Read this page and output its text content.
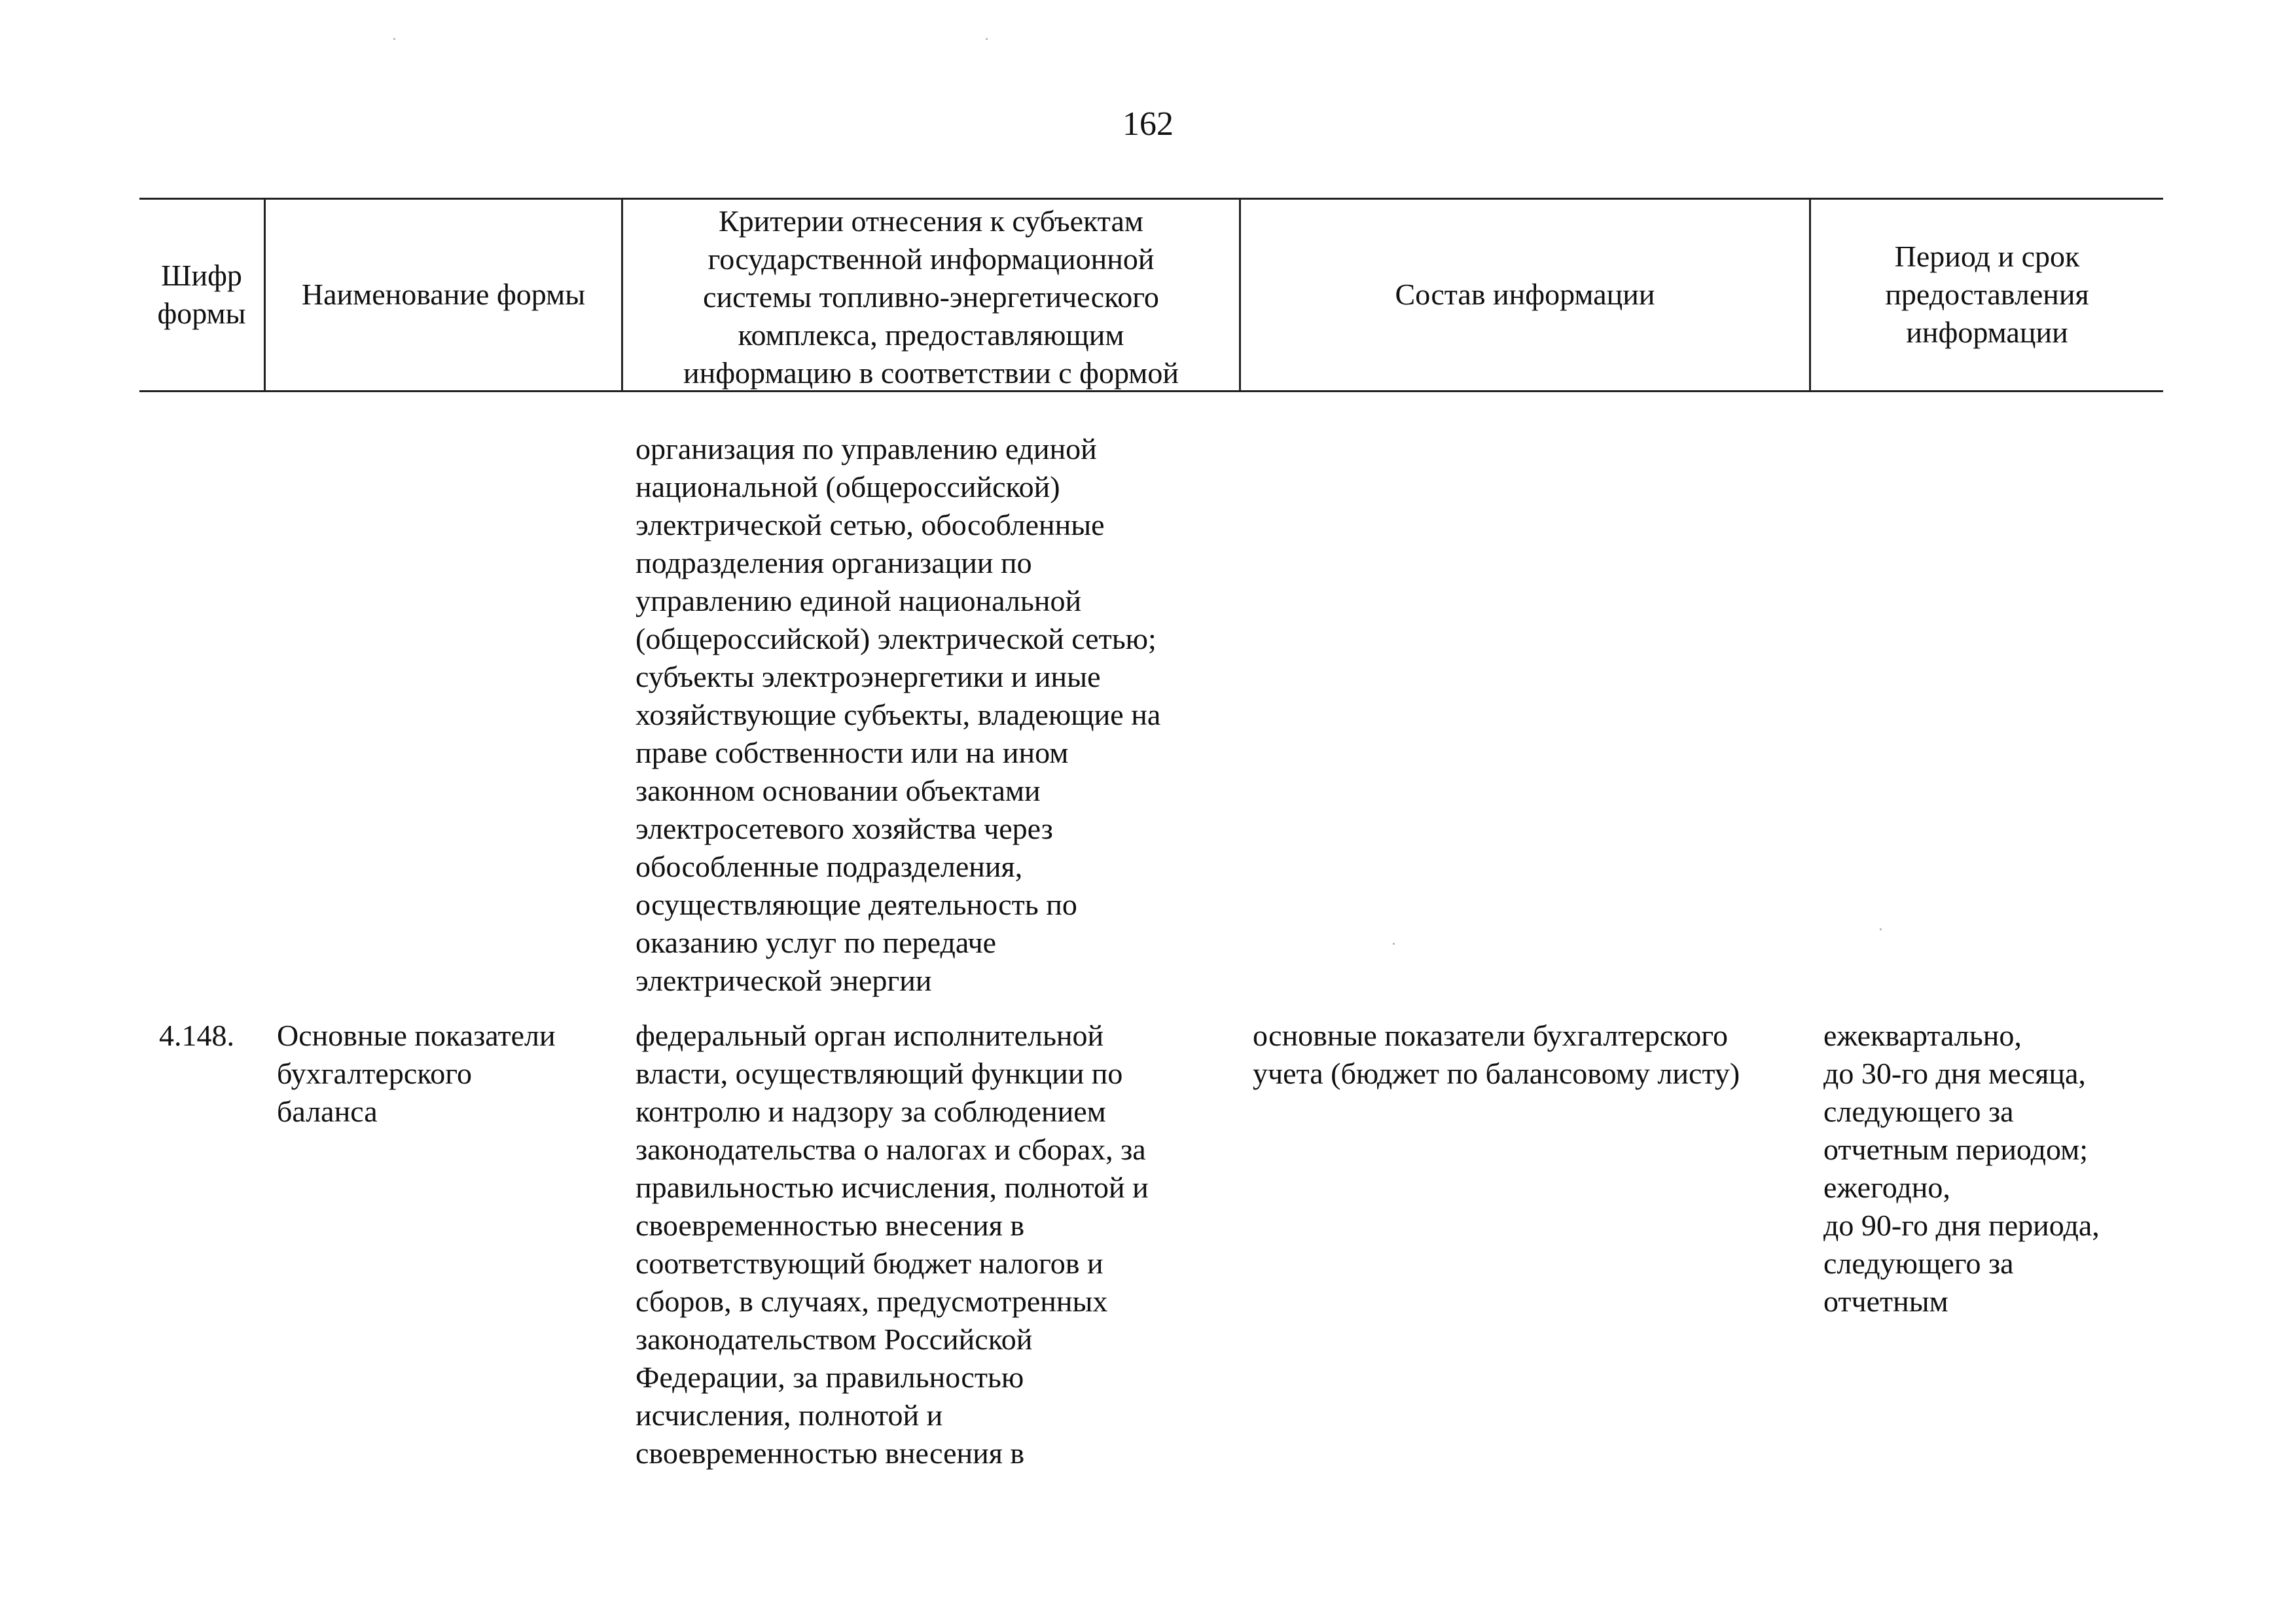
162
Шифр
формы
Наименование формы
Критерии отнесения к субъектам
государственной информационной
системы топливно-энергетического
комплекса, предоставляющим
информацию в соответствии с формой
Состав информации
Период и срок
предоставления
информации
организация по управлению единой
национальной (общероссийской)
электрической сетью, обособленные
подразделения организации по
управлению единой национальной
(общероссийской) электрической сетью;
субъекты электроэнергетики и иные
хозяйствующие субъекты, владеющие на
праве собственности или на ином
законном основании объектами
электросетевого хозяйства через
обособленные подразделения,
осуществляющие деятельность по
оказанию услуг по передаче
электрической энергии
4.148.	Основные показатели
бухгалтерского
баланса
федеральный орган исполнительной
власти, осуществляющий функции по
контролю и надзору за соблюдением
законодательства о налогах и сборах, за
правильностью исчисления, полнотой и
своевременностью внесения в
соответствующий бюджет налогов и
сборов, в случаях, предусмотренных
законодательством Российской
Федерации, за правильностью
исчисления, полнотой и
своевременностью внесения в
основные показатели бухгалтерского
учета (бюджет по балансовому листу)
ежеквартально,
до 30-го дня месяца,
следующего за
отчетным периодом;
ежегодно,
до 90-го дня периода,
следующего за
отчетным
